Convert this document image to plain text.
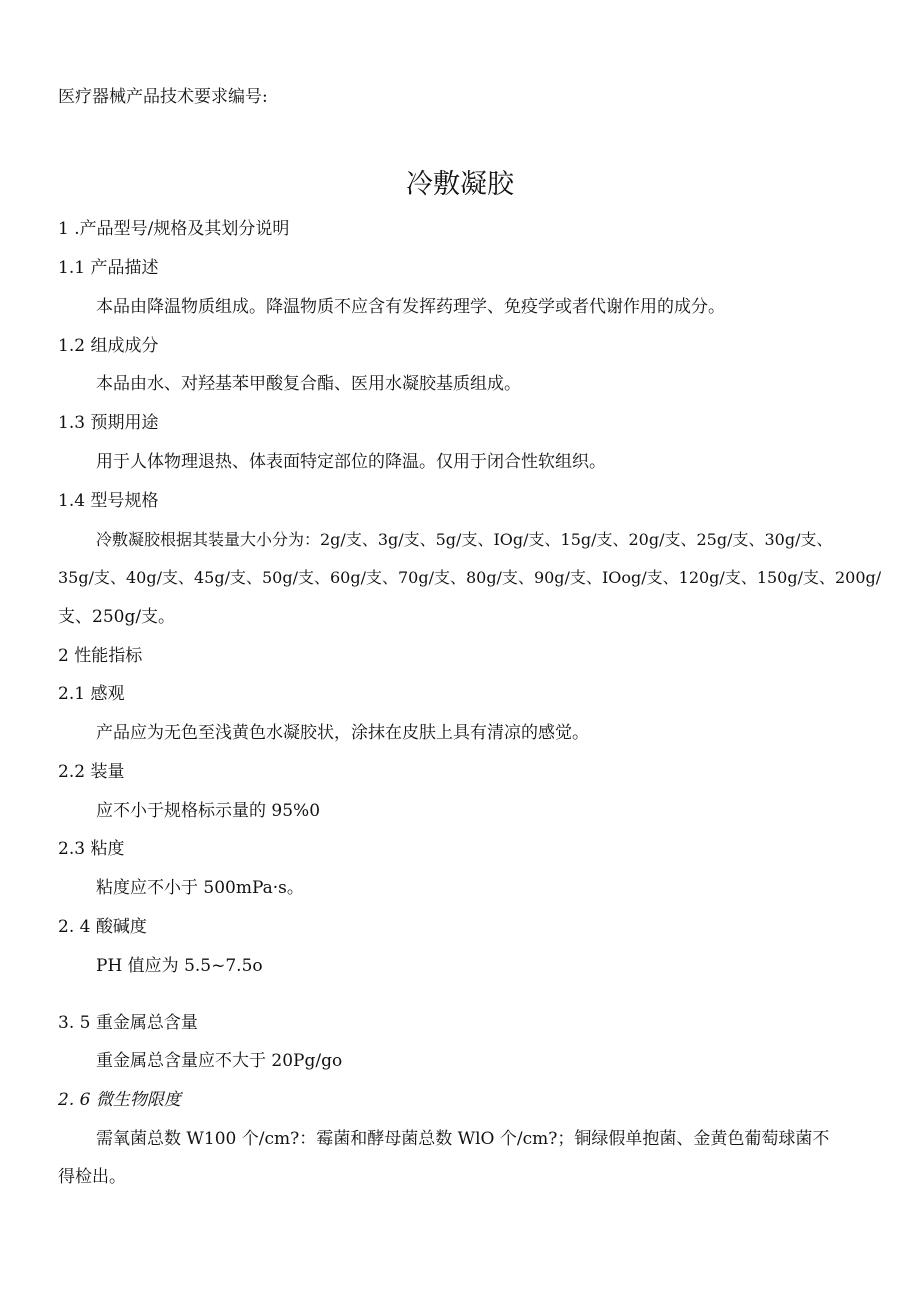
医疗器械产品技术要求编号:
冷敷凝胶
1 .产品型号/规格及其划分说明
1.1 产品描述
本品由降温物质组成。降温物质不应含有发挥药理学、免疫学或者代谢作用的成分。
1.2 组成成分
本品由水、对羟基苯甲酸复合酯、医用水凝胶基质组成。
1.3 预期用途
用于人体物理退热、体表面特定部位的降温。仅用于闭合性软组织。
1.4 型号规格
冷敷凝胶根据其装量大小分为：2g/支、3g/支、5g/支、IOg/支、15g/支、20g/支、25g/支、30g/支、
35g/支、40g/支、45g/支、50g/支、60g/支、70g/支、80g/支、90g/支、IOog/支、120g/支、150g/支、200g/
支、250g/支。
2 性能指标
2.1 感观
产品应为无色至浅黄色水凝胶状，涂抹在皮肤上具有清凉的感觉。
2.2 装量
应不小于规格标示量的 95%0
2.3 粘度
粘度应不小于 500mPa·s。
2. 4 酸碱度
PH 值应为 5.5~7.5o
3. 5 重金属总含量
重金属总含量应不大于 20Pg/go
2. 6 微生物限度
需氧菌总数 W100 个/cm?：霉菌和酵母菌总数 WlO 个/cm?；铜绿假单抱菌、金黄色葡萄球菌不
得检出。
